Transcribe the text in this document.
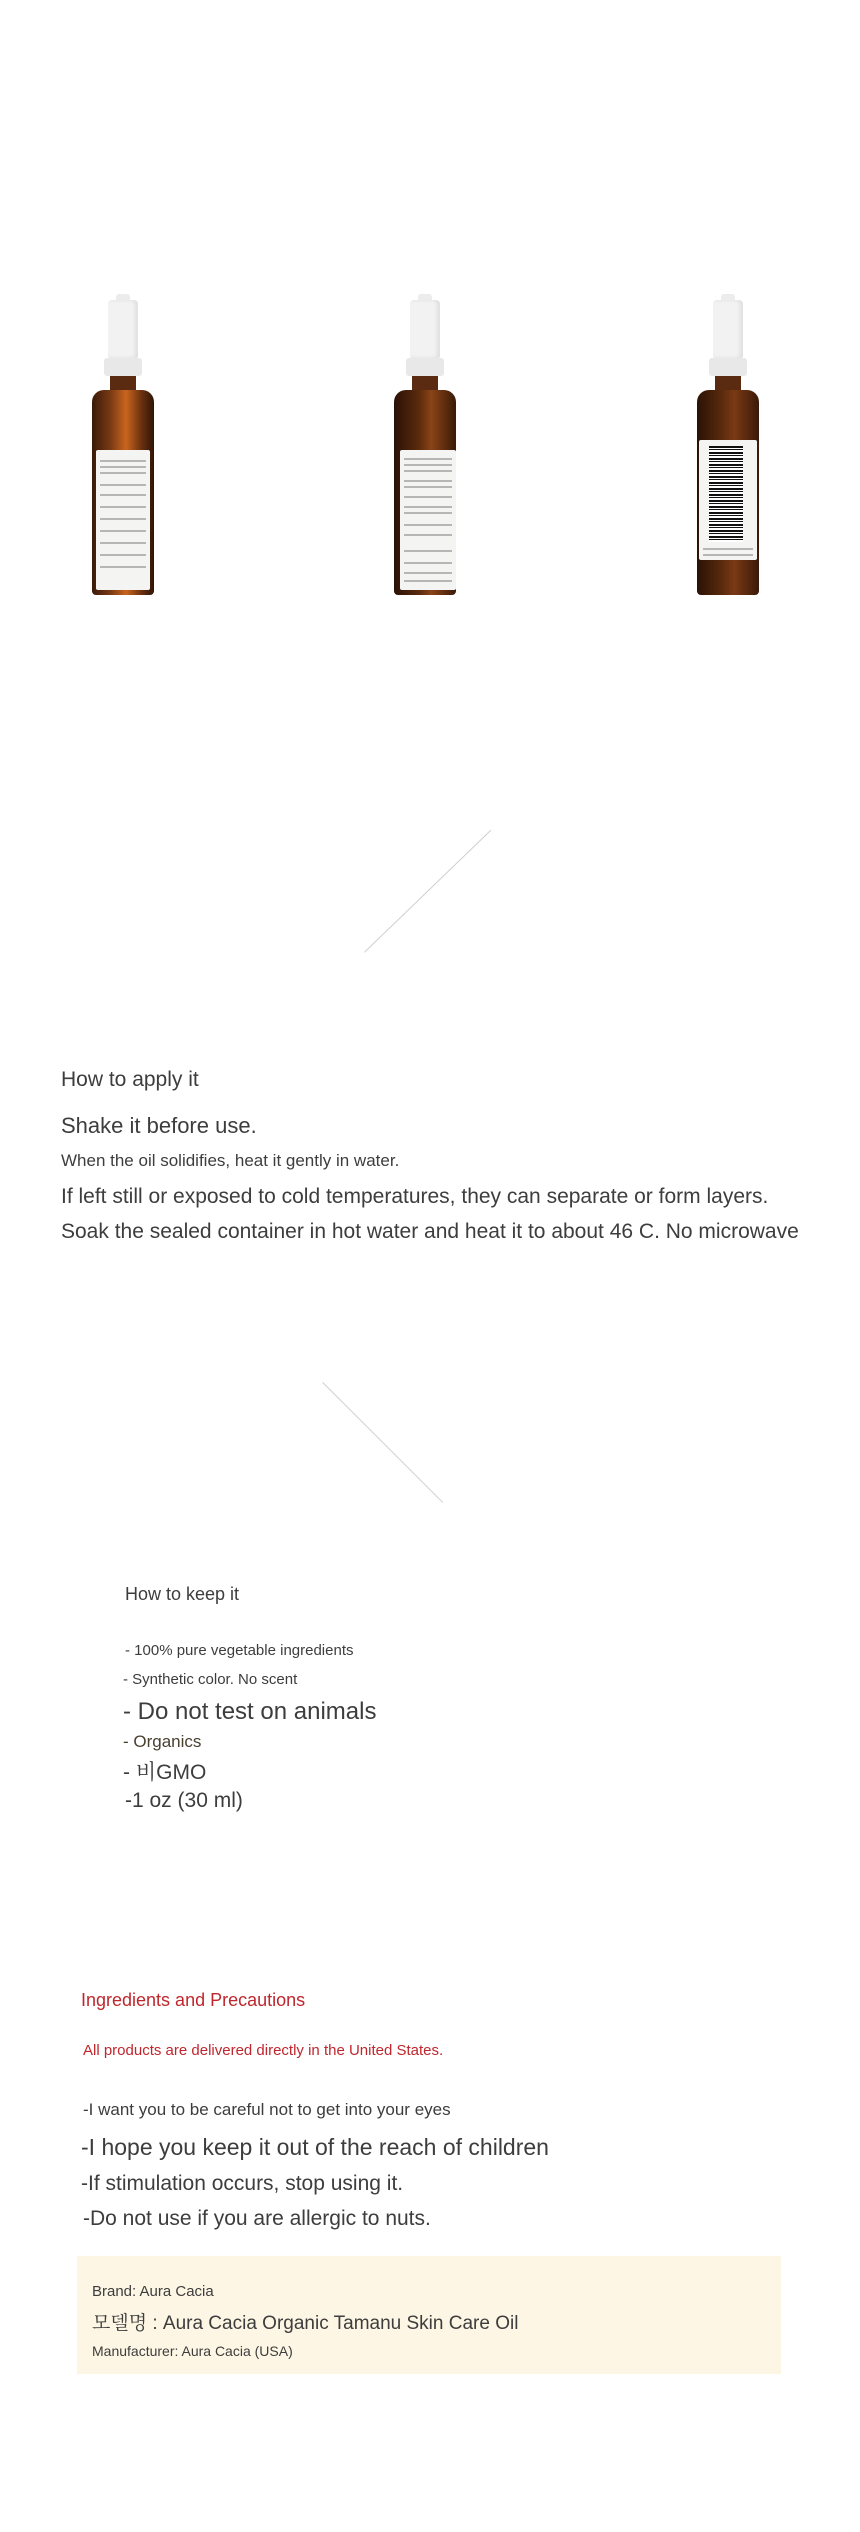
How to apply it
Shake it before use.
When the oil solidifies, heat it gently in water.
If left still or exposed to cold temperatures, they can separate or form layers.
Soak the sealed container in hot water and heat it to about 46 C. No microwave
How to keep it
- 100% pure vegetable ingredients
- Synthetic color. No scent
- Do not test on animals
- Organics
- 비GMO
-1 oz (30 ml)
Ingredients and Precautions
All products are delivered directly in the United States.
-I want you to be careful not to get into your eyes
-I hope you keep it out of the reach of children
-If stimulation occurs, stop using it.
-Do not use if you are allergic to nuts.
Brand: Aura Cacia
모델명 : Aura Cacia Organic Tamanu Skin Care Oil
Manufacturer: Aura Cacia (USA)
